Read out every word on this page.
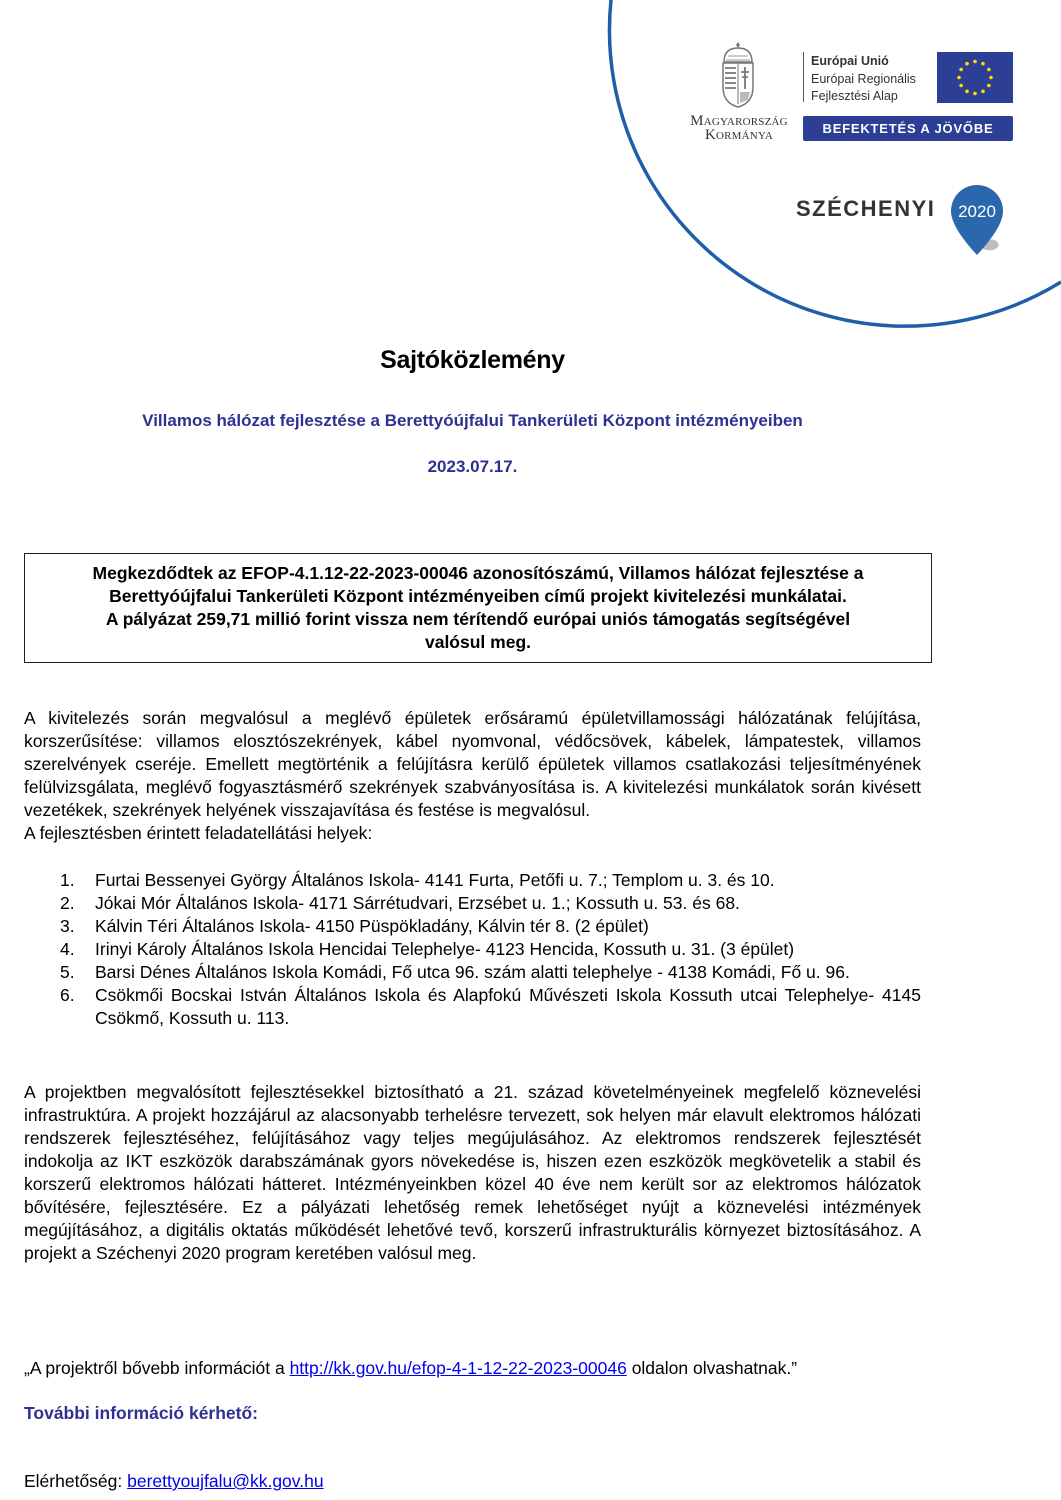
Magyarország
Kormánya
Európai Unió
Európai Regionális
Fejlesztési Alap
BEFEKTETÉS A JÖVŐBE
SZÉCHENYI 2020
Sajtóközlemény
Villamos hálózat fejlesztése a Berettyóújfalui Tankerületi Központ intézményeiben
2023.07.17.
Megkezdődtek az EFOP-4.1.12-22-2023-00046 azonosítószámú, Villamos hálózat fejlesztése a
Berettyóújfalui Tankerületi Központ intézményeiben című projekt kivitelezési munkálatai.
A pályázat 259,71 millió forint vissza nem térítendő európai uniós támogatás segítségével
valósul meg.
A kivitelezés során megvalósul a meglévő épületek erősáramú épületvillamossági hálózatának felújítása, korszerűsítése: villamos elosztószekrények, kábel nyomvonal, védőcsövek, kábelek, lámpatestek, villamos szerelvények cseréje. Emellett megtörténik a felújításra kerülő épületek villamos csatlakozási teljesítményének felülvizsgálata, meglévő fogyasztásmérő szekrények szabványosítása is. A kivitelezési munkálatok során kivésett vezetékek, szekrények helyének visszajavítása és festése is megvalósul.
A fejlesztésben érintett feladatellátási helyek:
1. Furtai Bessenyei György Általános Iskola- 4141 Furta, Petőfi u. 7.; Templom u. 3. és 10.
2. Jókai Mór Általános Iskola- 4171 Sárrétudvari, Erzsébet u. 1.; Kossuth u. 53. és 68.
3. Kálvin Téri Általános Iskola- 4150 Püspökladány, Kálvin tér 8. (2 épület)
4. Irinyi Károly Általános Iskola Hencidai Telephelye- 4123 Hencida, Kossuth u. 31. (3 épület)
5. Barsi Dénes Általános Iskola Komádi, Fő utca 96. szám alatti telephelye - 4138 Komádi, Fő u. 96.
6. Csökmői Bocskai István Általános Iskola és Alapfokú Művészeti Iskola Kossuth utcai Telephelye- 4145 Csökmő, Kossuth u. 113.
A projektben megvalósított fejlesztésekkel biztosítható a 21. század követelményeinek megfelelő köznevelési infrastruktúra. A projekt hozzájárul az alacsonyabb terhelésre tervezett, sok helyen már elavult elektromos hálózati rendszerek fejlesztéséhez, felújításához vagy teljes megújulásához. Az elektromos rendszerek fejlesztését indokolja az IKT eszközök darabszámának gyors növekedése is, hiszen ezen eszközök megkövetelik a stabil és korszerű elektromos hálózati hátteret. Intézményeinkben közel 40 éve nem került sor az elektromos hálózatok bővítésére, fejlesztésére. Ez a pályázati lehetőség remek lehetőséget nyújt a köznevelési intézmények megújításához, a digitális oktatás működését lehetővé tevő, korszerű infrastrukturális környezet biztosításához. A projekt a Széchenyi 2020 program keretében valósul meg.
„A projektről bővebb információt a http://kk.gov.hu/efop-4-1-12-22-2023-00046 oldalon olvashatnak.”
További információ kérhető:
Elérhetőség: berettyoujfalu@kk.gov.hu
